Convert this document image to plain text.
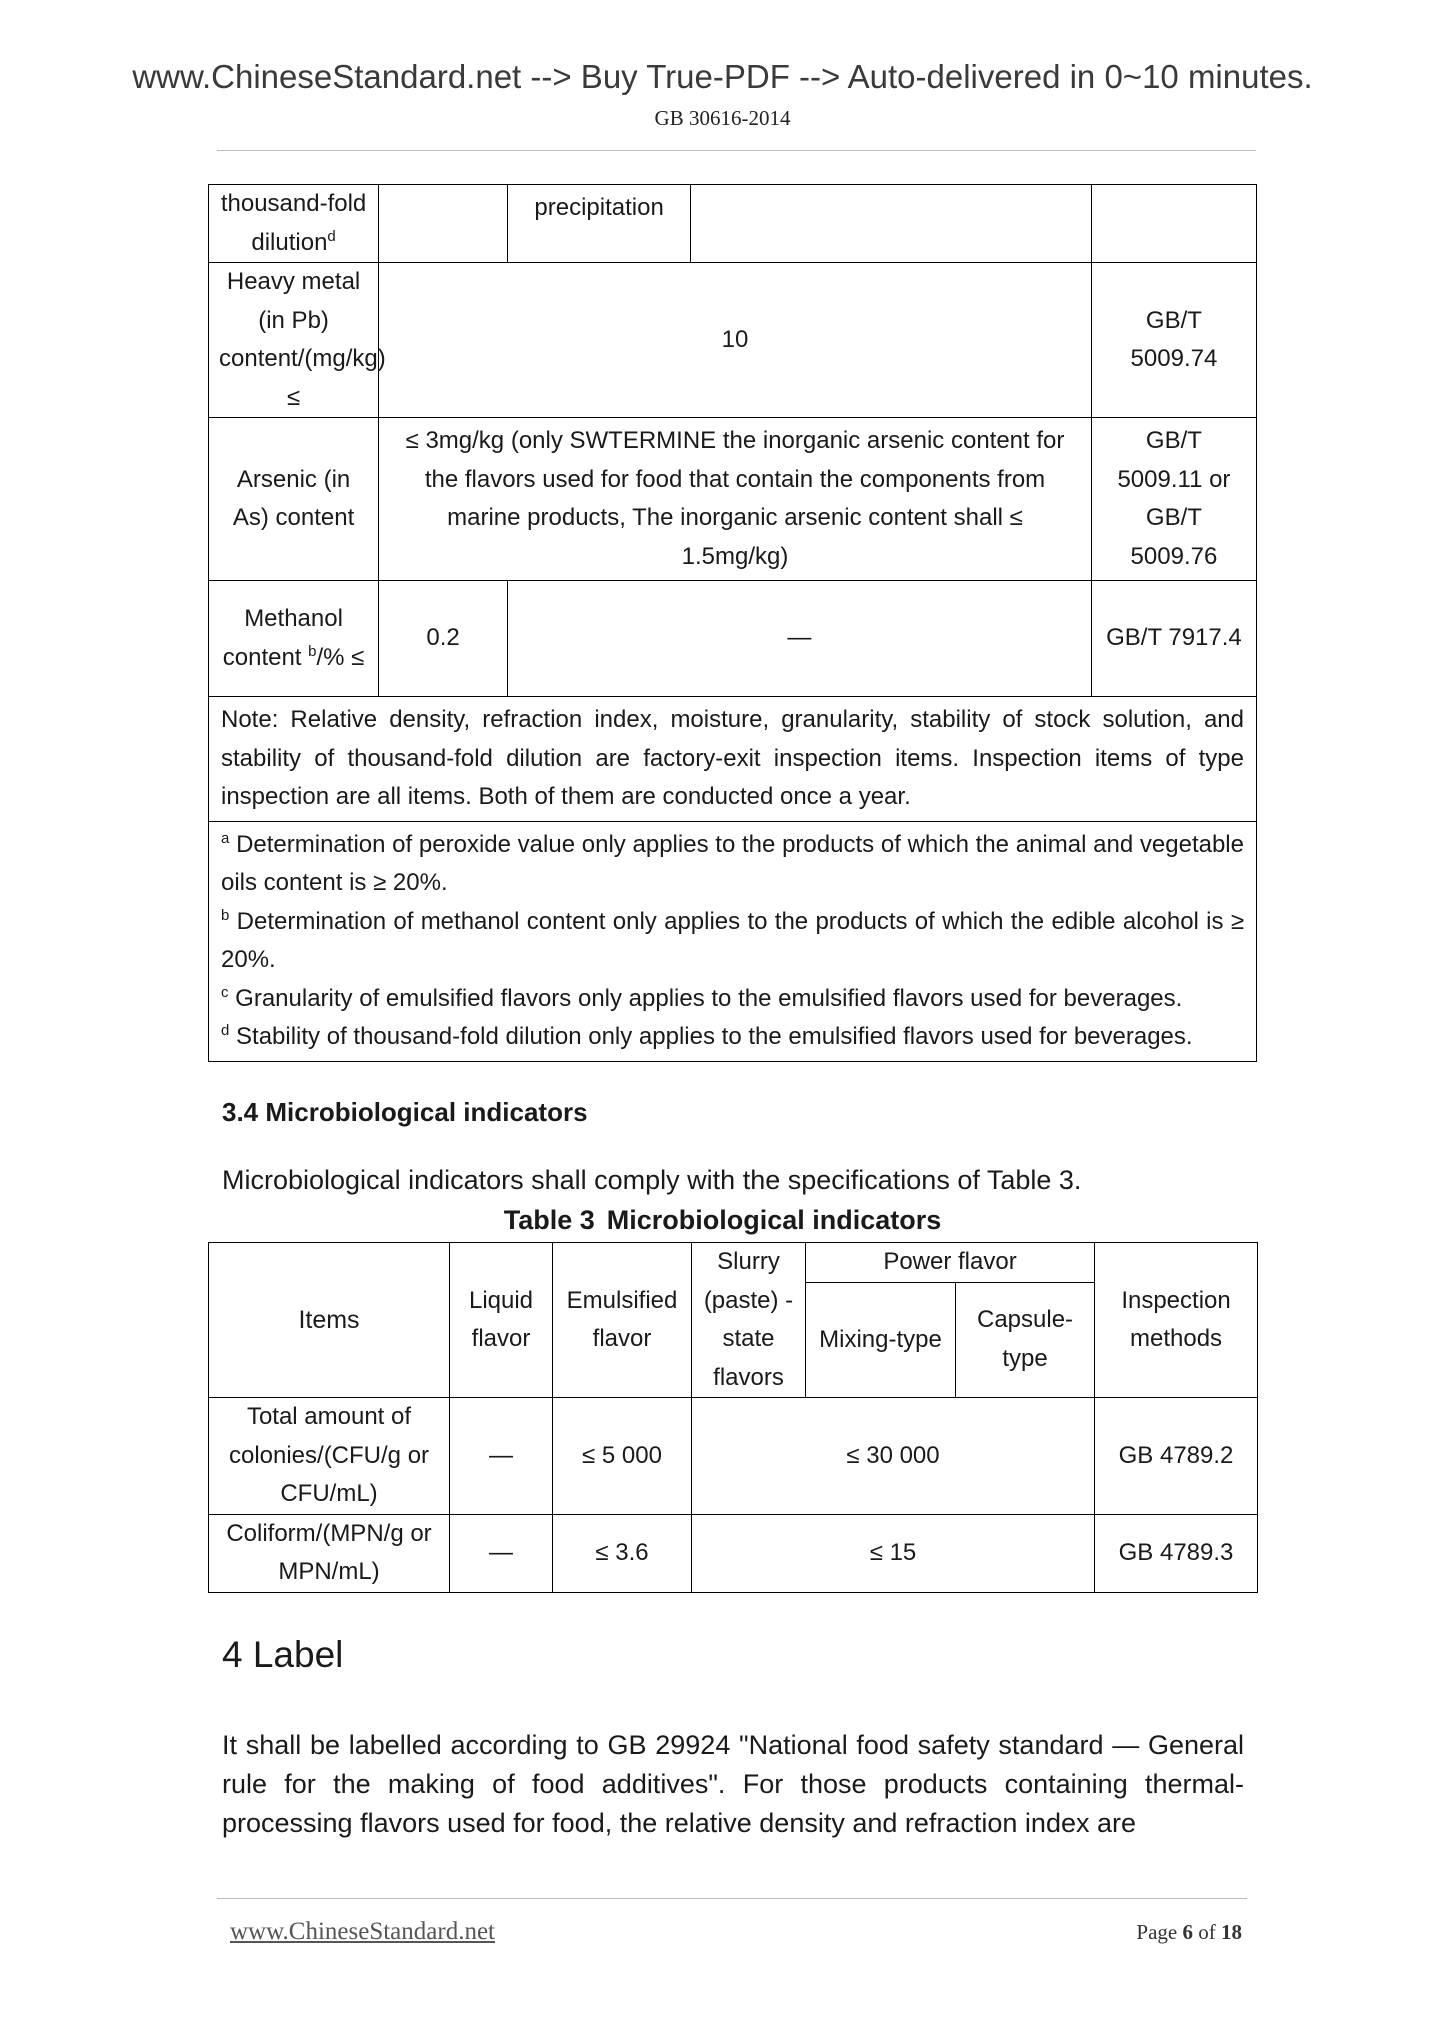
www.ChineseStandard.net --> Buy True-PDF --> Auto-delivered in 0~10 minutes.
GB 30616-2014
thousand-fold dilution$^d$		precipitation		
Heavy metal (in Pb) content/(mg/kg) ≤	10			GB/T 5009.74
Arsenic (in As) content	≤ 3mg/kg (only SWTERMINE the inorganic arsenic content for the flavors used for food that contain the components from marine products, The inorganic arsenic content shall ≤ 1.5mg/kg)			GB/T 5009.11 or GB/T 5009.76
Methanol content $^b$/% ≤	0.2	—		GB/T 7917.4
Note: Relative density, refraction index, moisture, granularity, stability of stock solution, and stability of thousand-fold dilution are factory-exit inspection items. Inspection items of type inspection are all items. Both of them are conducted once a year.				

$^a$ Determination of peroxide value only applies to the products of which the animal and vegetable oils content is ≥ 20%.
$^b$ Determination of methanol content only applies to the products of which the edible alcohol is ≥ 20%.
$^c$ Granularity of emulsified flavors only applies to the emulsified flavors used for beverages.
$^d$ Stability of thousand-fold dilution only applies to the emulsified flavors used for beverages.				
3.4 Microbiological indicators
Microbiological indicators shall comply with the specifications of Table 3.
Table 3 Microbiological indicators
Items	Liquid flavor	Emulsified flavor	Slurry (paste) -state flavors	Power flavor		Inspection methods
				Mixing-type	Capsule-type	
Total amount of colonies/(CFU/g or CFU/mL)	—	≤ 5 000	≤ 30 000			GB 4789.2
Coliform/(MPN/g or MPN/mL)	—	≤ 3.6	≤ 15			GB 4789.3
4 Label
It shall be labelled according to GB 29924 "National food safety standard — General rule for the making of food additives". For those products containing thermal-processing flavors used for food, the relative density and refraction index are
www.ChineseStandard.net	Page 6 of 18
